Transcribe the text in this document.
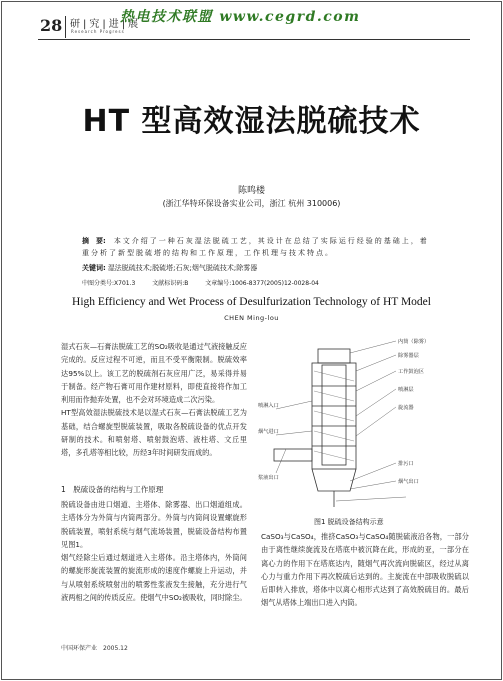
28 研|究|进|展
Research Progress
热电技术联盟 www.cegrd.com
HT 型高效湿法脱硫技术
陈鸣楼
(浙江华特环保设备实业公司，浙江 杭州 310006)
摘　要: 本文介绍了一种石灰湿法脱硫工艺，其设计在总结了实际运行经验的基础上，着重分析了新型脱硫塔的结构和工作原理，工作机理与技术特点。
关键词: 湿法脱硫技术;脱硫塔;石灰;烟气脱硫技术;除雾器
中图分类号:X701.3	文献标识码:B	文章编号:1006-8377(2005)12-0028-04
High Efficiency and Wet Process of Desulfurization Technology of HT Model
CHEN Ming-lou

湿式石灰—石膏法脱硫工艺的SO₂吸收是通过气液接触反应完成的。反应过程不可逆，而且不受平衡限制。脱硫效率达95%以上。该工艺的脱硫剂石灰应用广泛，易采得并易于制备。经产物石膏可用作建材原料，即使直接将作加工利用而作抛弃处置，也不会对环境造成二次污染。

HT型高效湿法脱硫技术是以湿式石灰—石膏法脱硫工艺为基础，结合螺旋型脱硫装置，吸取各脱硫设备的优点开发研制的技术。和喷射塔、喷射鼓泡塔、液柱塔、文丘里塔，多孔塔等相比较，历经3年时间研发而成的。

1　脱硫设备的结构与工作原理

脱硫设备由进口烟道、主塔体、除雾器、出口烟道组成。主塔体分为外筒与内筒两部分。外筒与内筒间设置螺旋形脱硫装置，喷射系统与烟气流场装置，脱硫设备结构布置见图1。

烟气经除尘后通过烟道进入主塔体。沿主塔体内，外筒间的螺旋形旋流装置的旋流形成的速度作螺旋上升运动，并与从喷射系统喷射出的喷雾性浆液发生接触，充分进行气液两相之间的传质反应。使烟气中SO₂被吸收，同时除尘。

内筒（除雾）
除雾器层
工作鼓泡区
喷淋层
旋流器
喷淋入口
烟气进口
浆液出口
排污口
烟气出口
图1 脱硫设备结构示意

CaSO₃与CaSO₄，推挤CaSO₃与CaSO₄随脱硫液沿各物，一部分由于离性继续旋流及在塔底中被沉降在此，形成的亚，一部分在离心力的作用下在塔底达内，随烟气再次流向脱硫区，经过从离心力与重力作用下再次脱硫后达到的。主旋流在中部吸收脱硫以后即转入排放，塔体中以离心相形式达到了高效脱硫目的。最后烟气从塔体上端出口进入内筒。

中国环保产业　2005.12
